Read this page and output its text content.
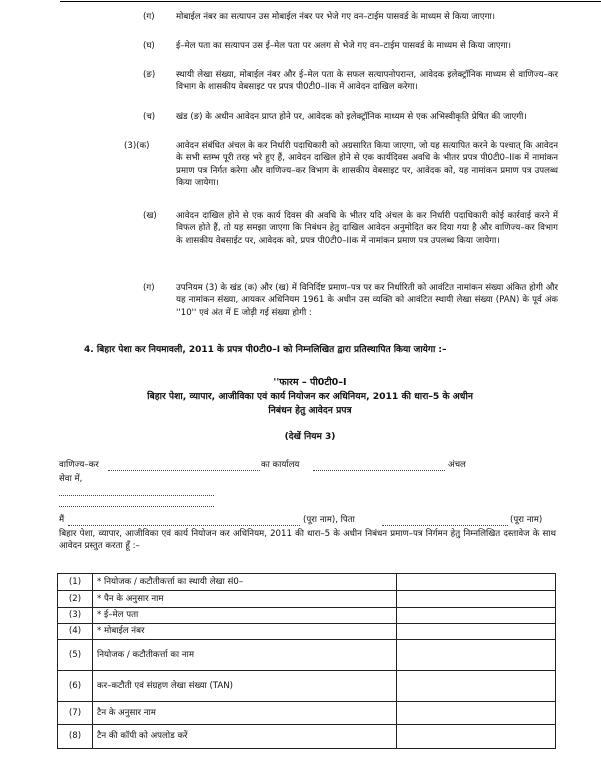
(ग) मोबाईल नंबर का सत्यापन उस मोबाईल नंबर पर भेजे गए वन–टाईम पासवर्ड के माध्यम से किया जाएगा।
(घ) ई–मेल पता का सत्यापन उस ई–मेल पता पर अलग से भेजे गए वन–टाईम पासवर्ड के माध्यम से किया जाएगा।
(ङ) स्थायी लेखा संख्या, मोबाईल नंबर और ई–मेल पता के सफल सत्यापनोपरान्त, आवेदक इलेक्ट्रॉनिक माध्यम से वाणिज्य–कर विभाग के शासकीय वेबसाइट पर प्रपत्र पी0टी0–IIक में आवेदन दाखिल करेगा।
(च) खंड (ङ) के अधीन आवेदन प्राप्त होने पर, आवेदक को इलेक्ट्रॉनिक माध्यम से एक अभिस्वीकृति प्रेषित की जाएगी।
(3)(क)	आवेदन संबंधित अंचल के कर निर्धारी पदाधिकारी को अग्रसारित किया जाएगा, जो यह सत्यापित करने के पश्चात् कि आवेदन के सभी स्तम्भ पूरी तरह भरे हुए हैं, आवेदन दाखिल होने से एक कार्यदिवस अवधि के भीतर प्रपत्र पी0टी0–IIक में नामांकन प्रमाण पत्र निर्गत करेगा और वाणिज्य–कर विभाग के शासकीय वेबसाइट पर, आवेदक को, यह नामांकन प्रमाण पत्र उपलब्ध किया जायेगा।
(ख) आवेदन दाखिल होने से एक कार्य दिवस की अवधि के भीतर यदि अंचल के कर निर्धारी पदाधिकारी कोई कार्रवाई करने में विफल होते हैं, तो यह समझा जाएगा कि निबंधन हेतु दाखिल आवेदन अनुमोदित कर दिया गया है और वाणिज्य–कर विभाग के शासकीय वेबसाईट पर, आवेदक को, प्रपत्र पी0टी0–IIक में नामांकन प्रमाण पत्र उपलब्ध किया जायेगा।
(ग) उपनियम (3) के खंड (क) और (ख) में विनिर्दिष्ट प्रमाण–पत्र पर कर निर्धारिती को आवंटित नामांकन संख्या अंकित होगी और यह नामांकन संख्या, आयकर अधिनियम 1961 के अधीन उस व्यक्ति को आवंटित स्थायी लेखा संख्या (PAN) के पूर्व अंक ''10'' एवं अंत में E जोड़ी गई संख्या होगी :
4. बिहार पेशा कर नियमावली, 2011 के प्रपत्र पी0टी0–I को निम्नलिखित द्वारा प्रतिस्थापित किया जायेगा :–
''फारम – पी0टी0–I
बिहार पेशा, व्यापार, आजीविका एवं कार्य नियोजन कर अधिनियम, 2011 की धारा–5 के अधीन
निबंधन हेतु आवेदन प्रपत्र
(देखें नियम 3)
वाणिज्य–कर	का कार्यालय	अंचल
सेवा में,
मैं	(पूरा नाम), पिता	(पूरा नाम)
बिहार पेशा, व्यापार, आजीविका एवं कार्य नियोजन कर अधिनियम, 2011 की धारा–5 के अधीन निबंधन प्रमाण–पत्र निर्गमन हेतु निम्नलिखित दस्तावेज के साथ आवेदन प्रस्तुत करता हूँ :–
(1)	* नियोजक / कटौतीकर्त्ता का स्थायी लेखा सं0–	
(2)	* पैन के अनुसार नाम	
(3)	* ई–मेल पता	
(4)	* मोबाईल नंबर	
(5)	नियोजक / कटौतीकर्त्ता का नाम	
(6)	कर–कटौती एवं संग्रहण लेखा संख्या (TAN)	
(7)	टैन के अनुसार नाम	
(8)	टैन की कॉपी को अपलोड करें	
